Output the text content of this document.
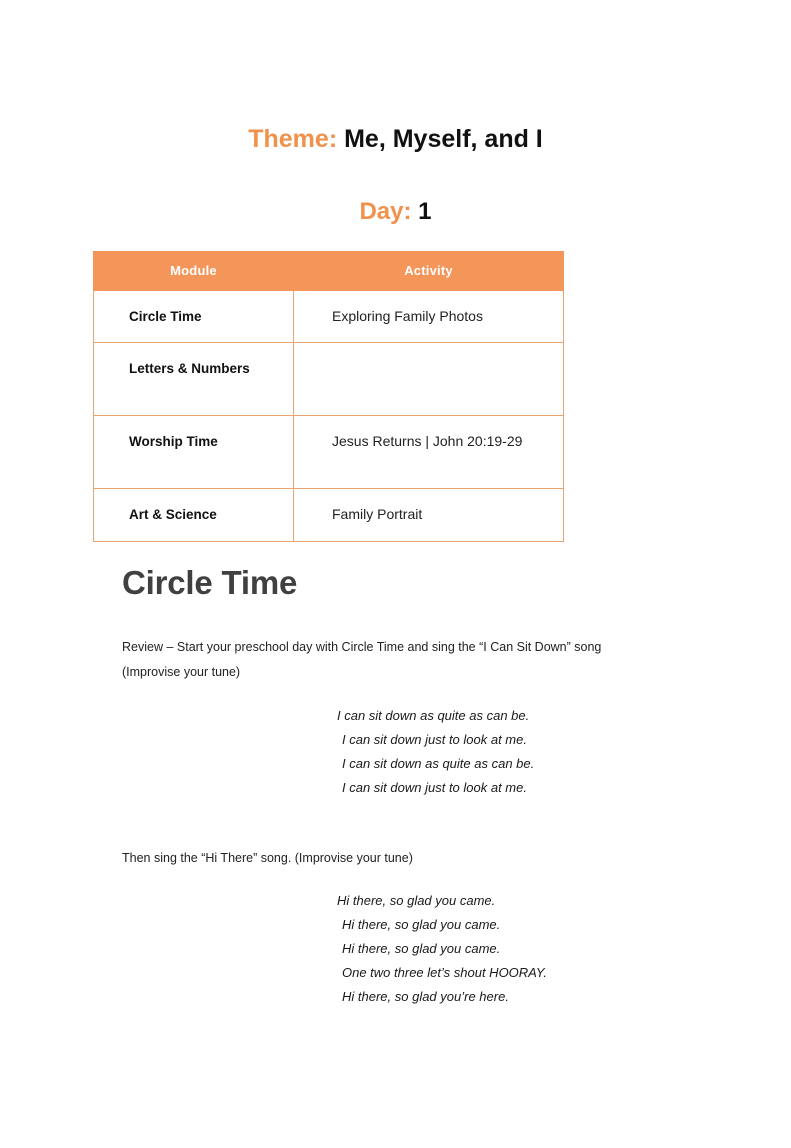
Theme: Me, Myself, and I
Day: 1
Module	Activity
Circle Time	Exploring Family Photos
Letters & Numbers	
Worship Time	Jesus Returns | John 20:19-29
Art & Science	Family Portrait
Circle Time

Review – Start your preschool day with Circle Time and sing the “I Can Sit Down” song (Improvise your tune)

I can sit down as quite as can be.
I can sit down just to look at me.
I can sit down as quite as can be.
I can sit down just to look at me.

Then sing the “Hi There” song. (Improvise your tune)

Hi there, so glad you came.
Hi there, so glad you came.
Hi there, so glad you came.
One two three let’s shout HOORAY.
Hi there, so glad you’re here.
